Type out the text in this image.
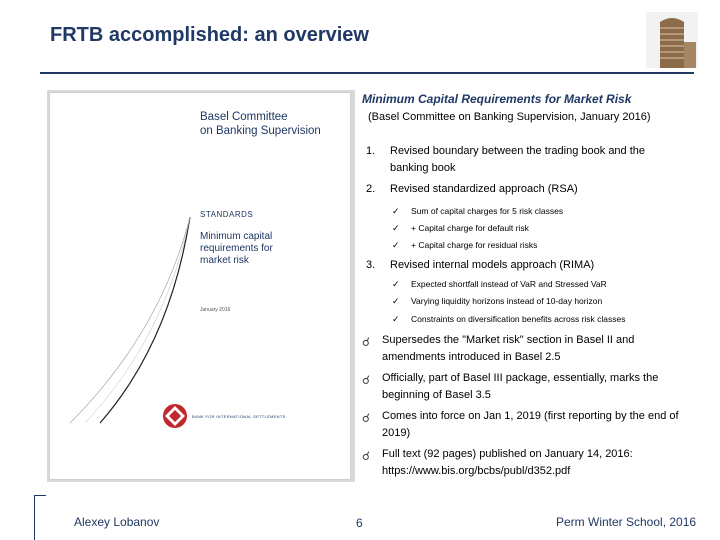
FRTB accomplished: an overview
Basel Committee
on Banking Supervision
STANDARDS
Minimum capital
requirements for
market risk
January 2016
BANK FOR INTERNATIONAL SETTLEMENTS
Minimum Capital Requirements for Market Risk
(Basel Committee on Banking Supervision, January 2016)
1.	Revised boundary between the trading book and the banking book
2.	Revised standardized approach (RSA)
✓ Sum of capital charges for 5 risk classes
✓ + Capital charge for default risk
✓ + Capital charge for residual risks
3.	Revised internal models approach (RIMA)
✓ Expected shortfall instead of VaR and Stressed VaR
✓ Varying liquidity horizons instead of 10-day horizon
✓ Constraints on diversification benefits across risk classes
☌ Supersedes the "Market risk" section in Basel II and amendments introduced in Basel 2.5
☌ Officially, part of Basel III package, essentially, marks the beginning of Basel 3.5
☌ Comes into force on Jan 1, 2019 (first reporting by the end of 2019)
☌ Full text (92 pages) published on January 14, 2016: https://www.bis.org/bcbs/publ/d352.pdf
Alexey Lobanov	6	Perm Winter School, 2016
